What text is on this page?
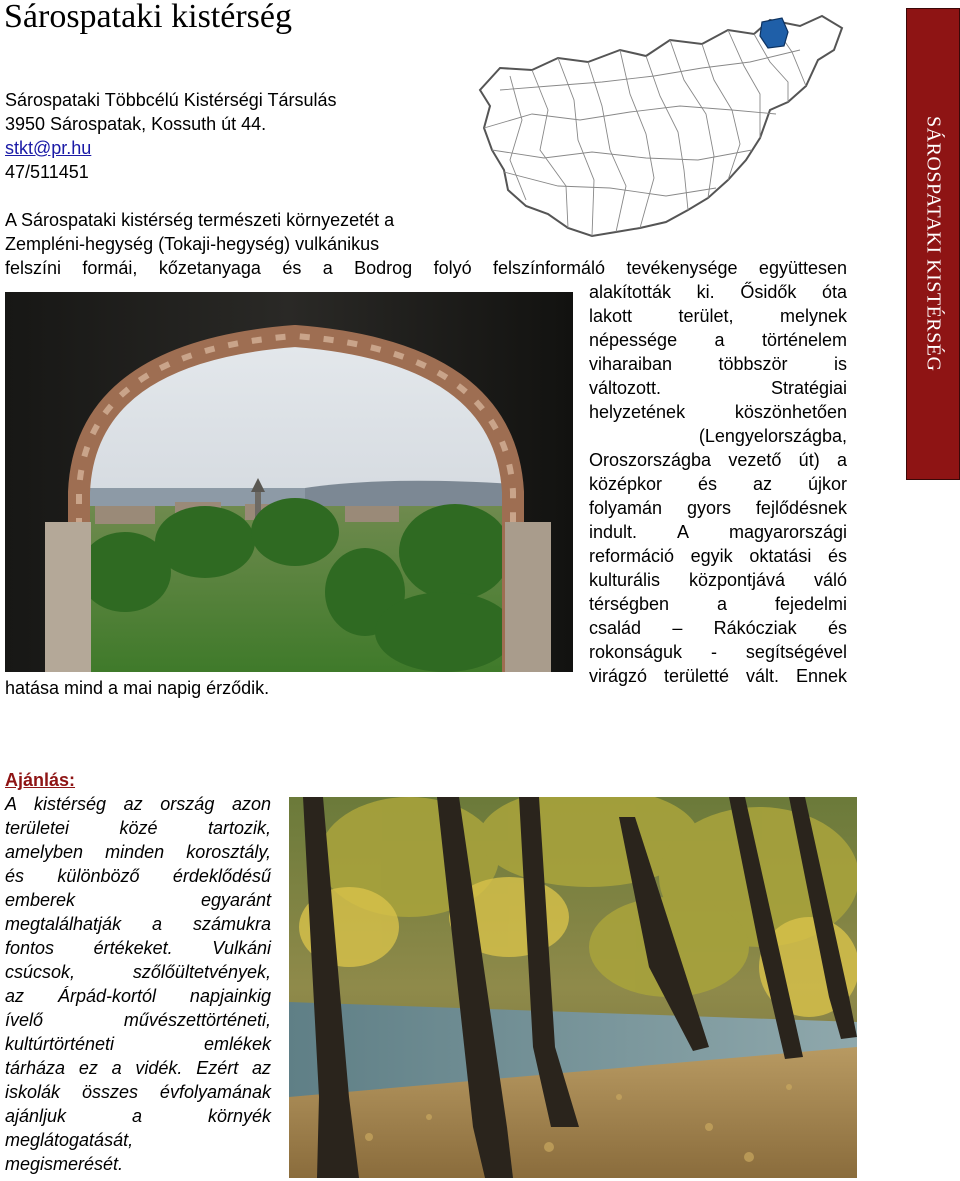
Sárospataki kistérség
Sárospataki Többcélú Kistérségi Társulás
3950 Sárospatak, Kossuth út 44.
stkt@pr.hu
47/511451
A Sárospataki kistérség természeti környezetét a
Zempléni-hegység (Tokaji-hegység) vulkánikus
felszíni formái, kőzetanyaga és a Bodrog folyó felszínformáló tevékenysége együttesen	SÁROSPATAKI KISTÉRSÉG
alakították ki. Ősidők óta
lakott terület, melynek
népessége a történelem
viharaiban többször is
változott. Stratégiai
helyzetének köszönhetően
(Lengyelországba,
Oroszországba vezető út) a
középkor és az újkor
folyamán gyors fejlődésnek
indult. A magyarországi
reformáció egyik oktatási és
kulturális központjává váló
térségben a fejedelmi
család – Rákócziak és
rokonságuk - segítségével
virágzó területté vált. Ennek
hatása mind a mai napig érződik.
Ajánlás:
A kistérség az ország azon
területei közé tartozik,
amelyben minden korosztály,
és különböző érdeklődésű
emberek egyaránt
megtalálhatják a számukra
fontos értékeket. Vulkáni
csúcsok, szőlőültetvények,
az Árpád-kortól napjainkig
ívelő művészettörténeti,
kultúrtörténeti emlékek
tárháza ez a vidék. Ezért az
iskolák összes évfolyamának
ajánljuk a környék
meglátogatását,
megismerését.
